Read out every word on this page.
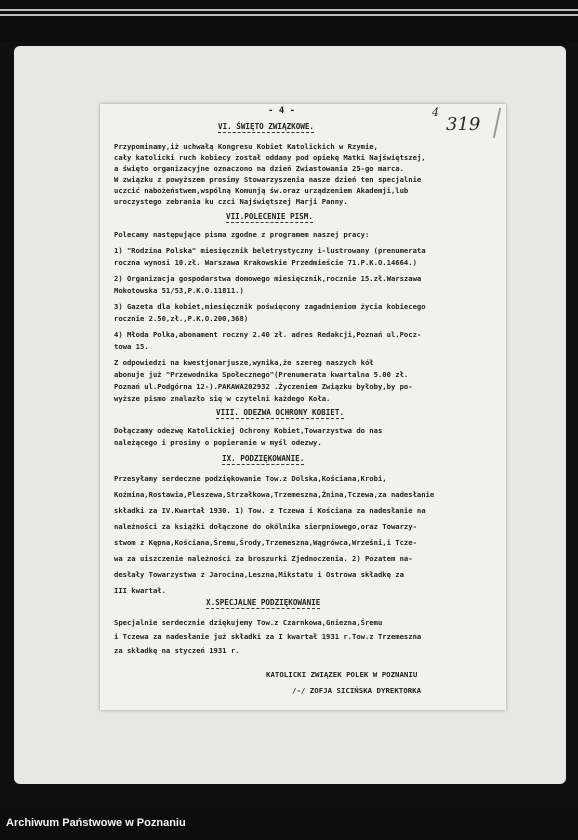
- 4 -	4
319
VI. ŚWIĘTO ZWIĄZKOWE.
Przypominamy,iż uchwałą Kongresu Kobiet Katolickich w Rzymie,
cały katolicki ruch kobiecy został oddany pod opiekę Matki Najświętszej,
a święto organizacyjne oznaczono na dzień Zwiastowania 25-go marca.
W związku z powyższem prosimy Stowarzyszenia nasze dzień ten specjalnie
uczcić nabożeństwem,wspólną Komunją św.oraz urządzeniem Akademji,lub
uroczystego zebrania ku czci Najświętszej Marji Panny.
VII.POLECENIE PISM.
Polecamy następujące pisma zgodne z programem naszej pracy:
1) "Rodzina Polska" miesięcznik beletrystyczny i-lustrowany (prenumerata
roczna wynosi 10.zł. Warszawa Krakowskie Przedmieście 71.P.K.O.14664.)
2) Organizacja gospodarstwa domowego miesięcznik,rocznie 15.zł.Warszawa
Mokotowska 51/53,P.K.O.11811.)
3) Gazeta dla kobiet,miesięcznik poświęcony zagadnieniom życia kobiecego
rocznie 2.50,zł.,P.K.O.200,368)
4) Młoda Polka,abonament roczny 2.40 zł. adres Redakcji,Poznań ul.Pocz-
towa 15.
Z odpowiedzi na kwestjonarjusze,wynika,że szereg naszych kół
abonuje już "Przewodnika Społecznego"(Prenumerata kwartalna 5.00 zł.
Poznań ul.Podgórna 12-).PAKAWA202932 .Życzeniem Związku byłoby,by po-
wyższe pismo znalazło się w czytelni każdego Koła.
VIII. ODEZWA OCHRONY KOBIET.
Dołączamy odezwę Katolickiej Ochrony Kobiet,Towarzystwa do nas
należącego i prosimy o popieranie w myśl odezwy.
IX. PODZIĘKOWANIE.
Przesyłamy serdeczne podziękowanie Tow.z Dolska,Kościana,Krobi,
Koźmina,Rostawia,Pleszewa,Strzałkowa,Trzemeszna,Żnina,Tczewa,za nadesłanie
składki za IV.Kwartał 1930. 1) Tow. z Tczewa i Kościana za nadesłanie na
należności za książki dołączone do okólnika sierpniowego,oraz Towarzy-
stwom z Kępna,Kościana,Śremu,Środy,Trzemeszna,Wągrówca,Wrześni,i Tcze-
wa za uiszczenie należności za broszurki Zjednoczenia. 2) Pozatem na-
desłały Towarzystwa z Jarocina,Leszna,Mikstatu i Ostrowa składkę za
III kwartał.
X.SPECJALNE PODZIĘKOWANIE
Specjalnie serdecznie dziękujemy Tow.z Czarnkowa,Gniezna,Śremu
i Tczewa za nadesłanie już składki za I kwartał 1931 r.Tow.z Trzemeszna
za składkę na styczeń 1931 r.
KATOLICKI ZWIĄZEK POLEK W POZNANIU
/-/ ZOFJA SICIŃSKA DYREKTORKA
Archiwum Państwowe w Poznaniu
